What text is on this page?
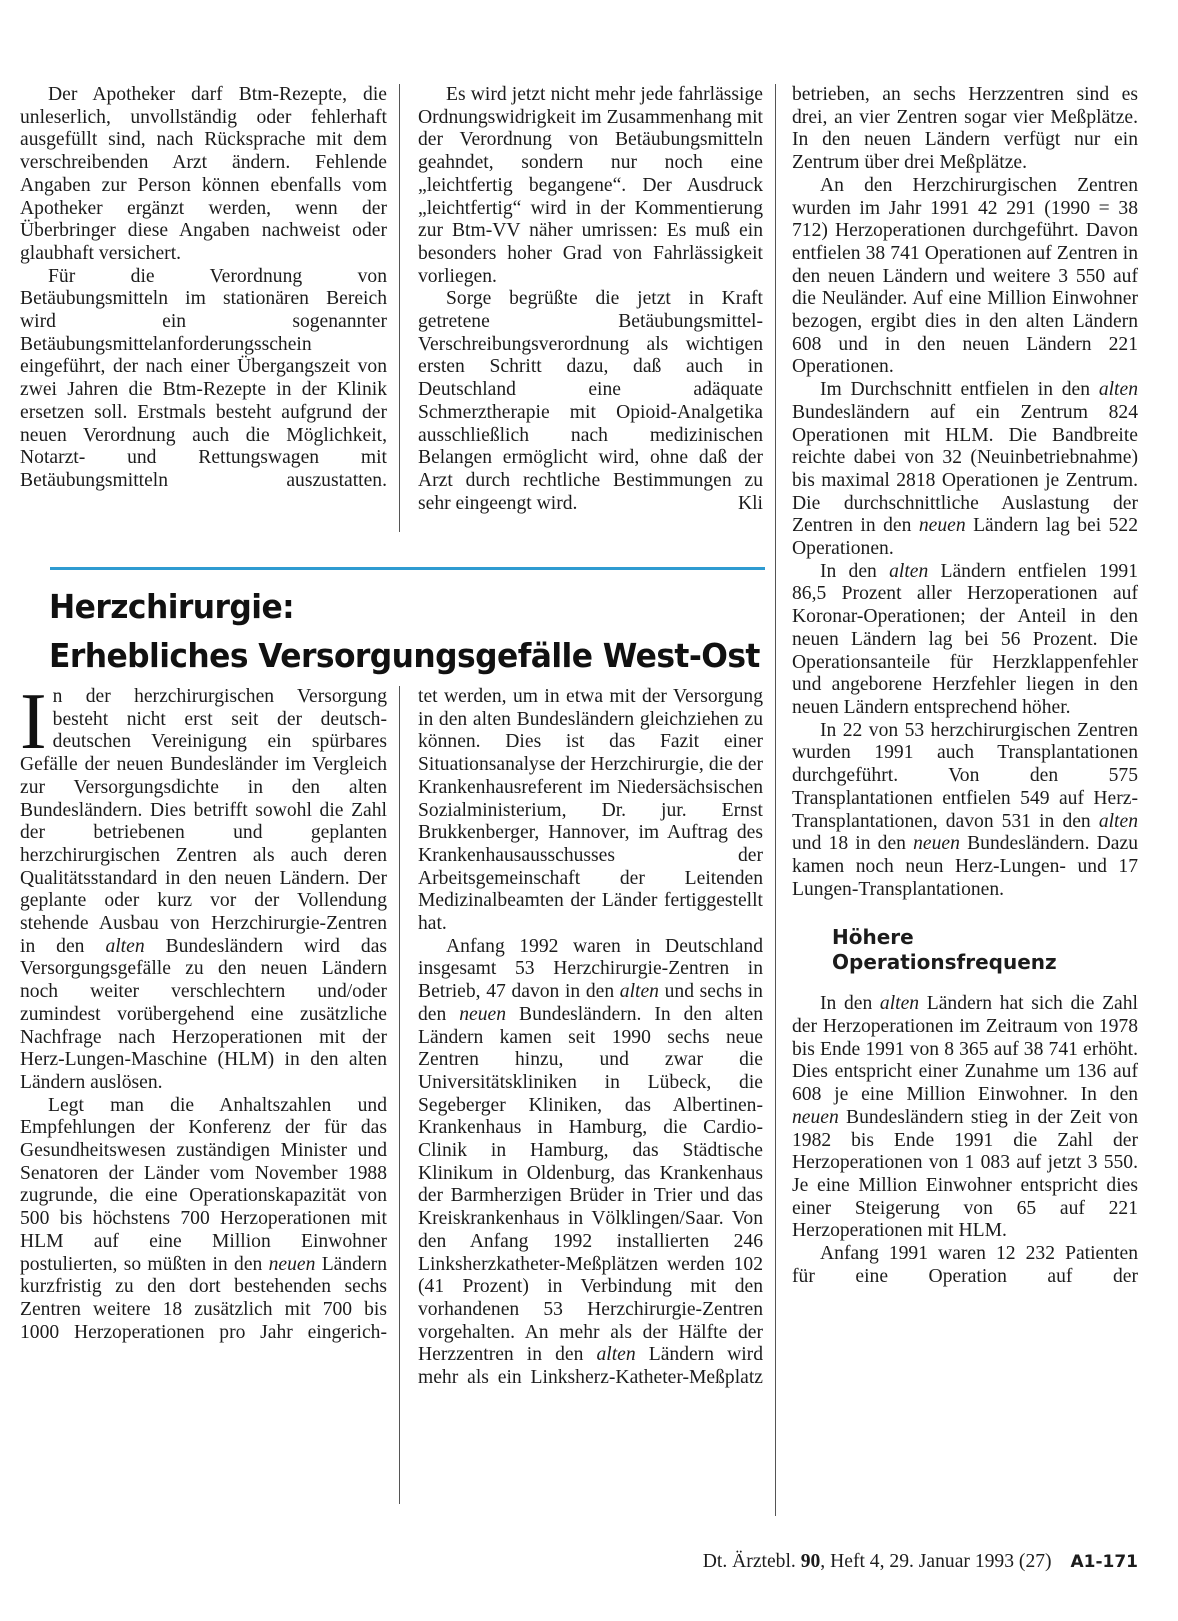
Der Apotheker darf Btm-Rezepte, die unleserlich, unvollständig oder fehlerhaft ausgefüllt sind, nach Rücksprache mit dem verschreibenden Arzt ändern. Fehlende Angaben zur Person können ebenfalls vom Apotheker ergänzt werden, wenn der Überbringer diese Angaben nachweist oder glaubhaft versichert.

Für die Verordnung von Betäubungsmitteln im stationären Bereich wird ein sogenannter Betäubungsmittelanforderungsschein eingeführt, der nach einer Übergangszeit von zwei Jahren die Btm-Rezepte in der Klinik ersetzen soll. Erstmals besteht aufgrund der neuen Verordnung auch die Möglichkeit, Notarzt- und Rettungswagen mit Betäubungsmitteln auszustatten.

Es wird jetzt nicht mehr jede fahrlässige Ordnungswidrigkeit im Zusammenhang mit der Verordnung von Betäubungsmitteln geahndet, sondern nur noch eine „leichtfertig begangene“. Der Ausdruck „leichtfertig“ wird in der Kommentierung zur Btm-VV näher umrissen: Es muß ein besonders hoher Grad von Fahrlässigkeit vorliegen.

Sorge begrüßte die jetzt in Kraft getretene Betäubungsmittel-Verschreibungsverordnung als wichtigen ersten Schritt dazu, daß auch in Deutschland eine adäquate Schmerztherapie mit Opioid-Analgetika ausschließlich nach medizinischen Belangen ermöglicht wird, ohne daß der Arzt durch rechtliche Bestimmungen zu sehr eingeengt wird.	Kli

Herzchirurgie:
Erhebliches Versorgungsgefälle West-Ost

In der herzchirurgischen Versorgung besteht nicht erst seit der deutsch-deutschen Vereinigung ein spürbares Gefälle der neuen Bundesländer im Vergleich zur Versorgungsdichte in den alten Bundesländern. Dies betrifft sowohl die Zahl der betriebenen und geplanten herzchirurgischen Zentren als auch deren Qualitätsstandard in den neuen Ländern. Der geplante oder kurz vor der Vollendung stehende Ausbau von Herzchirurgie-Zentren in den alten Bundesländern wird das Versorgungsgefälle zu den neuen Ländern noch weiter verschlechtern und/oder zumindest vorübergehend eine zusätzliche Nachfrage nach Herzoperationen mit der Herz-Lungen-Maschine (HLM) in den alten Ländern auslösen.

Legt man die Anhaltszahlen und Empfehlungen der Konferenz der für das Gesundheitswesen zuständigen Minister und Senatoren der Länder vom November 1988 zugrunde, die eine Operationskapazität von 500 bis höchstens 700 Herzoperationen mit HLM auf eine Million Einwohner postulierten, so müßten in den neuen Ländern kurzfristig zu den dort bestehenden sechs Zentren weitere 18 zusätzlich mit 700 bis 1000 Herzoperationen pro Jahr eingerich-

tet werden, um in etwa mit der Versorgung in den alten Bundesländern gleichziehen zu können. Dies ist das Fazit einer Situationsanalyse der Herzchirurgie, die der Krankenhausreferent im Niedersächsischen Sozialministerium, Dr. jur. Ernst Brukkenberger, Hannover, im Auftrag des Krankenhausausschusses der Arbeitsgemeinschaft der Leitenden Medizinalbeamten der Länder fertiggestellt hat.

Anfang 1992 waren in Deutschland insgesamt 53 Herzchirurgie-Zentren in Betrieb, 47 davon in den alten und sechs in den neuen Bundesländern. In den alten Ländern kamen seit 1990 sechs neue Zentren hinzu, und zwar die Universitätskliniken in Lübeck, die Segeberger Kliniken, das Albertinen-Krankenhaus in Hamburg, die Cardio-Clinik in Hamburg, das Städtische Klinikum in Oldenburg, das Krankenhaus der Barmherzigen Brüder in Trier und das Kreiskrankenhaus in Völklingen/Saar. Von den Anfang 1992 installierten 246 Linksherzkatheter-Meßplätzen werden 102 (41 Prozent) in Verbindung mit den vorhandenen 53 Herzchirurgie-Zentren vorgehalten. An mehr als der Hälfte der Herzzentren in den alten Ländern wird mehr als ein Linksherz-Katheter-Meßplatz

betrieben, an sechs Herzzentren sind es drei, an vier Zentren sogar vier Meßplätze. In den neuen Ländern verfügt nur ein Zentrum über drei Meßplätze.

An den Herzchirurgischen Zentren wurden im Jahr 1991 42 291 (1990 = 38 712) Herzoperationen durchgeführt. Davon entfielen 38 741 Operationen auf Zentren in den neuen Ländern und weitere 3 550 auf die Neuländer. Auf eine Million Einwohner bezogen, ergibt dies in den alten Ländern 608 und in den neuen Ländern 221 Operationen.

Im Durchschnitt entfielen in den alten Bundesländern auf ein Zentrum 824 Operationen mit HLM. Die Bandbreite reichte dabei von 32 (Neuinbetriebnahme) bis maximal 2818 Operationen je Zentrum. Die durchschnittliche Auslastung der Zentren in den neuen Ländern lag bei 522 Operationen.

In den alten Ländern entfielen 1991 86,5 Prozent aller Herzoperationen auf Koronar-Operationen; der Anteil in den neuen Ländern lag bei 56 Prozent. Die Operationsanteile für Herzklappenfehler und angeborene Herzfehler liegen in den neuen Ländern entsprechend höher.

In 22 von 53 herzchirurgischen Zentren wurden 1991 auch Transplantationen durchgeführt. Von den 575 Transplantationen entfielen 549 auf Herz-Transplantationen, davon 531 in den alten und 18 in den neuen Bundesländern. Dazu kamen noch neun Herz-Lungen- und 17 Lungen-Transplantationen.

Höhere
Operationsfrequenz

In den alten Ländern hat sich die Zahl der Herzoperationen im Zeitraum von 1978 bis Ende 1991 von 8 365 auf 38 741 erhöht. Dies entspricht einer Zunahme um 136 auf 608 je eine Million Einwohner. In den neuen Bundesländern stieg in der Zeit von 1982 bis Ende 1991 die Zahl der Herzoperationen von 1 083 auf jetzt 3 550. Je eine Million Einwohner entspricht dies einer Steigerung von 65 auf 221 Herzoperationen mit HLM.

Anfang 1991 waren 12 232 Patienten für eine Operation auf der

Dt. Ärztebl. 90, Heft 4, 29. Januar 1993 (27) A1-171
